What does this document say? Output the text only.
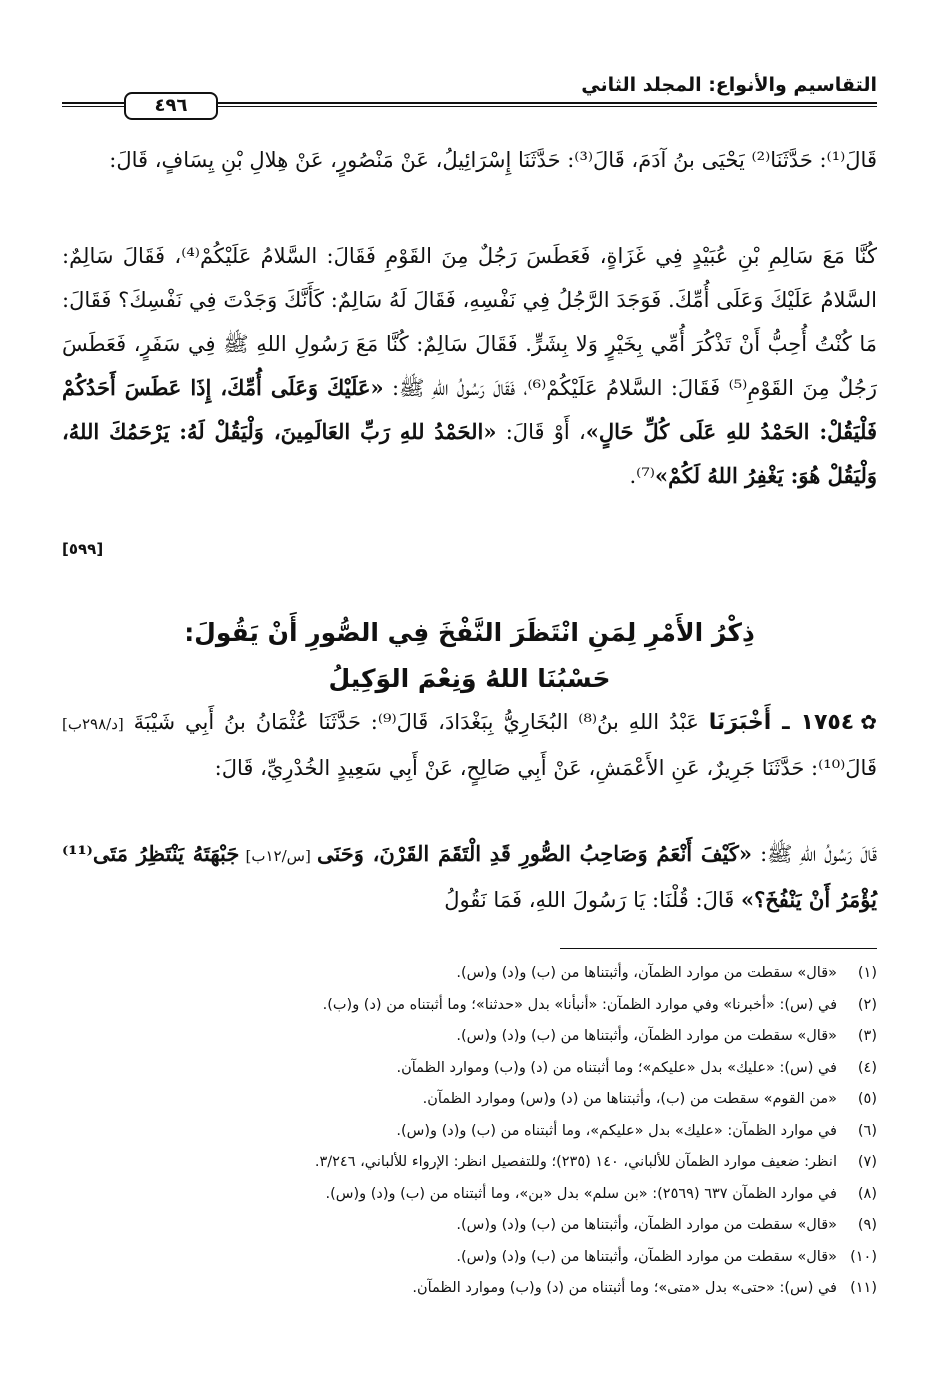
التقاسيم والأنواع: المجلد الثاني
٤٩٦
قَالَ⁽¹⁾: حَدَّثَنَا⁽²⁾ يَحْيَى بنُ آدَمَ، قَالَ⁽³⁾: حَدَّثَنَا إِسْرَائِيلُ، عَنْ مَنْصُورٍ، عَنْ هِلالِ بْنِ يِسَافٍ، قَالَ:
كُنَّا مَعَ سَالِمِ بْنِ عُبَيْدٍ فِي غَزَاةٍ، فَعَطَسَ رَجُلٌ مِنَ القَوْمِ فَقَالَ: السَّلامُ عَلَيْكُمْ⁽⁴⁾، فَقَالَ سَالِمٌ: السَّلامُ عَلَيْكَ وَعَلَى أُمِّكَ. فَوَجَدَ الرَّجُلُ فِي نَفْسِهِ، فَقَالَ لَهُ سَالِمٌ: كَأَنَّكَ وَجَدْتَ فِي نَفْسِكَ؟ فَقَالَ: مَا كُنْتُ أُحِبُّ أَنْ تَذْكُرَ أُمِّي بِخَيْرٍ وَلا بِشَرٍّ. فَقَالَ سَالِمٌ: كُنَّا مَعَ رَسُولِ اللهِ ﷺ فِي سَفَرٍ، فَعَطَسَ رَجُلٌ مِنَ القَوْمِ⁽⁵⁾ فَقَالَ: السَّلامُ عَلَيْكُمْ⁽⁶⁾، فَقَالَ رَسُولُ اللهِ ﷺ: «عَلَيْكَ وَعَلَى أُمِّكَ، إِذَا عَطَسَ أَحَدُكُمْ فَلْيَقُلْ: الحَمْدُ للهِ عَلَى كُلِّ حَالٍ»، أَوْ قَالَ: «الحَمْدُ للهِ رَبِّ العَالَمِينَ، وَلْيَقُلْ لَهُ: يَرْحَمُكَ اللهُ، وَلْيَقُلْ هُوَ: يَغْفِرُ اللهُ لَكُمْ»⁽⁷⁾.
[٥٩٩]
ذِكْرُ الأَمْرِ لِمَنِ انْتَظَرَ النَّفْخَ فِي الصُّورِ أَنْ يَقُولَ:
حَسْبُنَا اللهُ وَنِعْمَ الوَكِيلُ
✿١٧٥٤ ـ أَخْبَرَنَا عَبْدُ اللهِ بنُ⁽⁸⁾ البُخَارِيُّ بِبَغْدَادَ، قَالَ⁽⁹⁾: حَدَّثَنَا عُثْمَانُ بنُ أَبِي شَيْبَةَ [د/٢٩٨ب] قَالَ⁽¹⁰⁾: حَدَّثَنَا جَرِيرٌ، عَنِ الأَعْمَشِ، عَنْ أَبِي صَالِحٍ، عَنْ أَبِي سَعِيدٍ الخُدْرِيِّ، قَالَ:
قَالَ رَسُولُ اللهِ ﷺ: «كَيْفَ أَنْعَمُ وَصَاحِبُ الصُّورِ قَدِ الْتَقَمَ القَرْنَ، وَحَنَى [س/١٢ب] جَبْهَتَهُ يَنْتَظِرُ مَتَى⁽¹¹⁾ يُؤْمَرُ أَنْ يَنْفُخَ؟» قَالَ: قُلْنَا: يَا رَسُولَ اللهِ، فَمَا نَقُولُ
(١)«قال» سقطت من موارد الظمآن، وأثبتناها من (ب) و(د) و(س).
(٢)في (س): «أخبرنا» وفي موارد الظمآن: «أنبأنا» بدل «حدثنا»؛ وما أثبتناه من (د) و(ب).
(٣)«قال» سقطت من موارد الظمآن، وأثبتناها من (ب) و(د) و(س).
(٤)في (س): «عليك» بدل «عليكم»؛ وما أثبتناه من (د) و(ب) وموارد الظمآن.
(٥)«من القوم» سقطت من (ب)، وأثبتناها من (د) و(س) وموارد الظمآن.
(٦)في موارد الظمآن: «عليك» بدل «عليكم»، وما أثبتناه من (ب) و(د) و(س).
(٧)انظر: ضعيف موارد الظمآن للألباني، ١٤٠ (٢٣٥)؛ وللتفصيل انظر: الإرواء للألباني، ٣/٢٤٦.
(٨)في موارد الظمآن ٦٣٧ (٢٥٦٩): «بن سلم» بدل «بن»، وما أثبتناه من (ب) و(د) و(س).
(٩)«قال» سقطت من موارد الظمآن، وأثبتناها من (ب) و(د) و(س).
(١٠)«قال» سقطت من موارد الظمآن، وأثبتناها من (ب) و(د) و(س).
(١١)في (س): «حتى» بدل «متى»؛ وما أثبتناه من (د) و(ب) وموارد الظمآن.
